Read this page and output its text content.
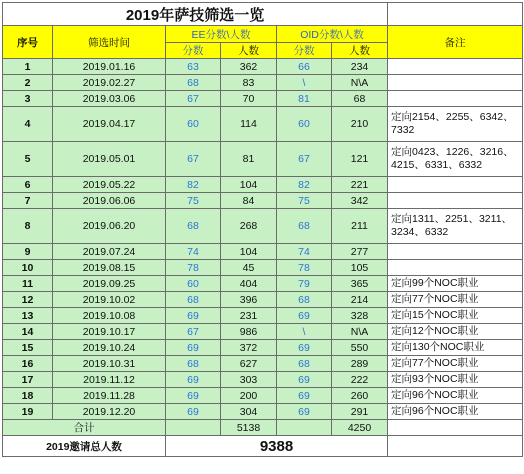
2019年萨技筛选一览						
序号	筛选时间	EE分数\人数		OID分数\人数		备注
		分数	人数	分数	人数	
1	2019.01.16	63	362	66	234	
2	2019.02.27	68	83	\	N\A	
3	2019.03.06	67	70	81	68	
4	2019.04.17	60	114	60	210	定向2154、2255、6342、7332
5	2019.05.01	67	81	67	121	定向0423、1226、3216、4215、6331、6332
6	2019.05.22	82	104	82	221	
7	2019.06.06	75	84	75	342	
8	2019.06.20	68	268	68	211	定向1311、2251、3211、3234、6332
9	2019.07.24	74	104	74	277	
10	2019.08.15	78	45	78	105	
11	2019.09.25	60	404	79	365	定向99个NOC职业
12	2019.10.02	68	396	68	214	定向77个NOC职业
13	2019.10.08	69	231	69	328	定向15个NOC职业
14	2019.10.17	67	986	\	N\A	定向12个NOC职业
15	2019.10.24	69	372	69	550	定向130个NOC职业
16	2019.10.31	68	627	68	289	定向77个NOC职业
17	2019.11.12	69	303	69	222	定向93个NOC职业
18	2019.11.28	69	200	69	260	定向96个NOC职业
19	2019.12.20	69	304	69	291	定向96个NOC职业
合计			5138		4250	
2019邀请总人数		9388				
